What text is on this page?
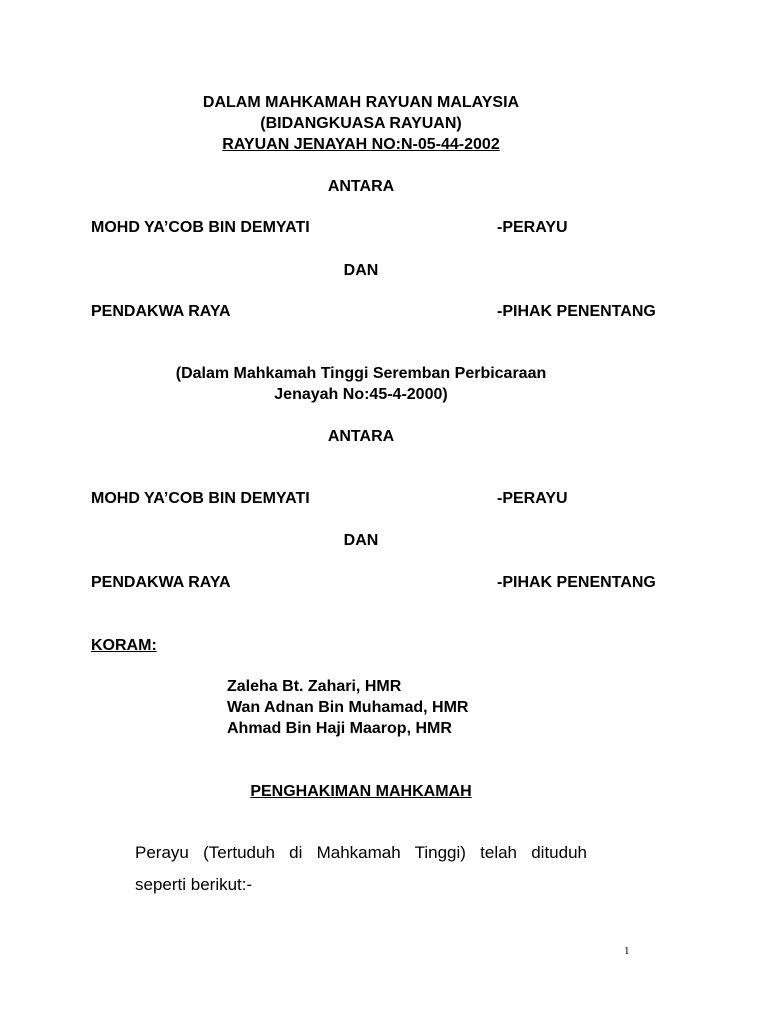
DALAM MAHKAMAH RAYUAN MALAYSIA
(BIDANGKUASA RAYUAN)
RAYUAN JENAYAH NO:N-05-44-2002
ANTARA
MOHD YA’COB BIN DEMYATI	-PERAYU
DAN
PENDAKWA RAYA	-PIHAK PENENTANG
(Dalam Mahkamah Tinggi Seremban Perbicaraan
Jenayah No:45-4-2000)
ANTARA
MOHD YA’COB BIN DEMYATI	-PERAYU
DAN
PENDAKWA RAYA	-PIHAK PENENTANG
KORAM:
Zaleha Bt. Zahari, HMR
Wan Adnan Bin Muhamad, HMR
Ahmad Bin Haji Maarop, HMR
PENGHAKIMAN MAHKAMAH
Perayu (Tertuduh di Mahkamah Tinggi) telah dituduh
seperti berikut:-
1
